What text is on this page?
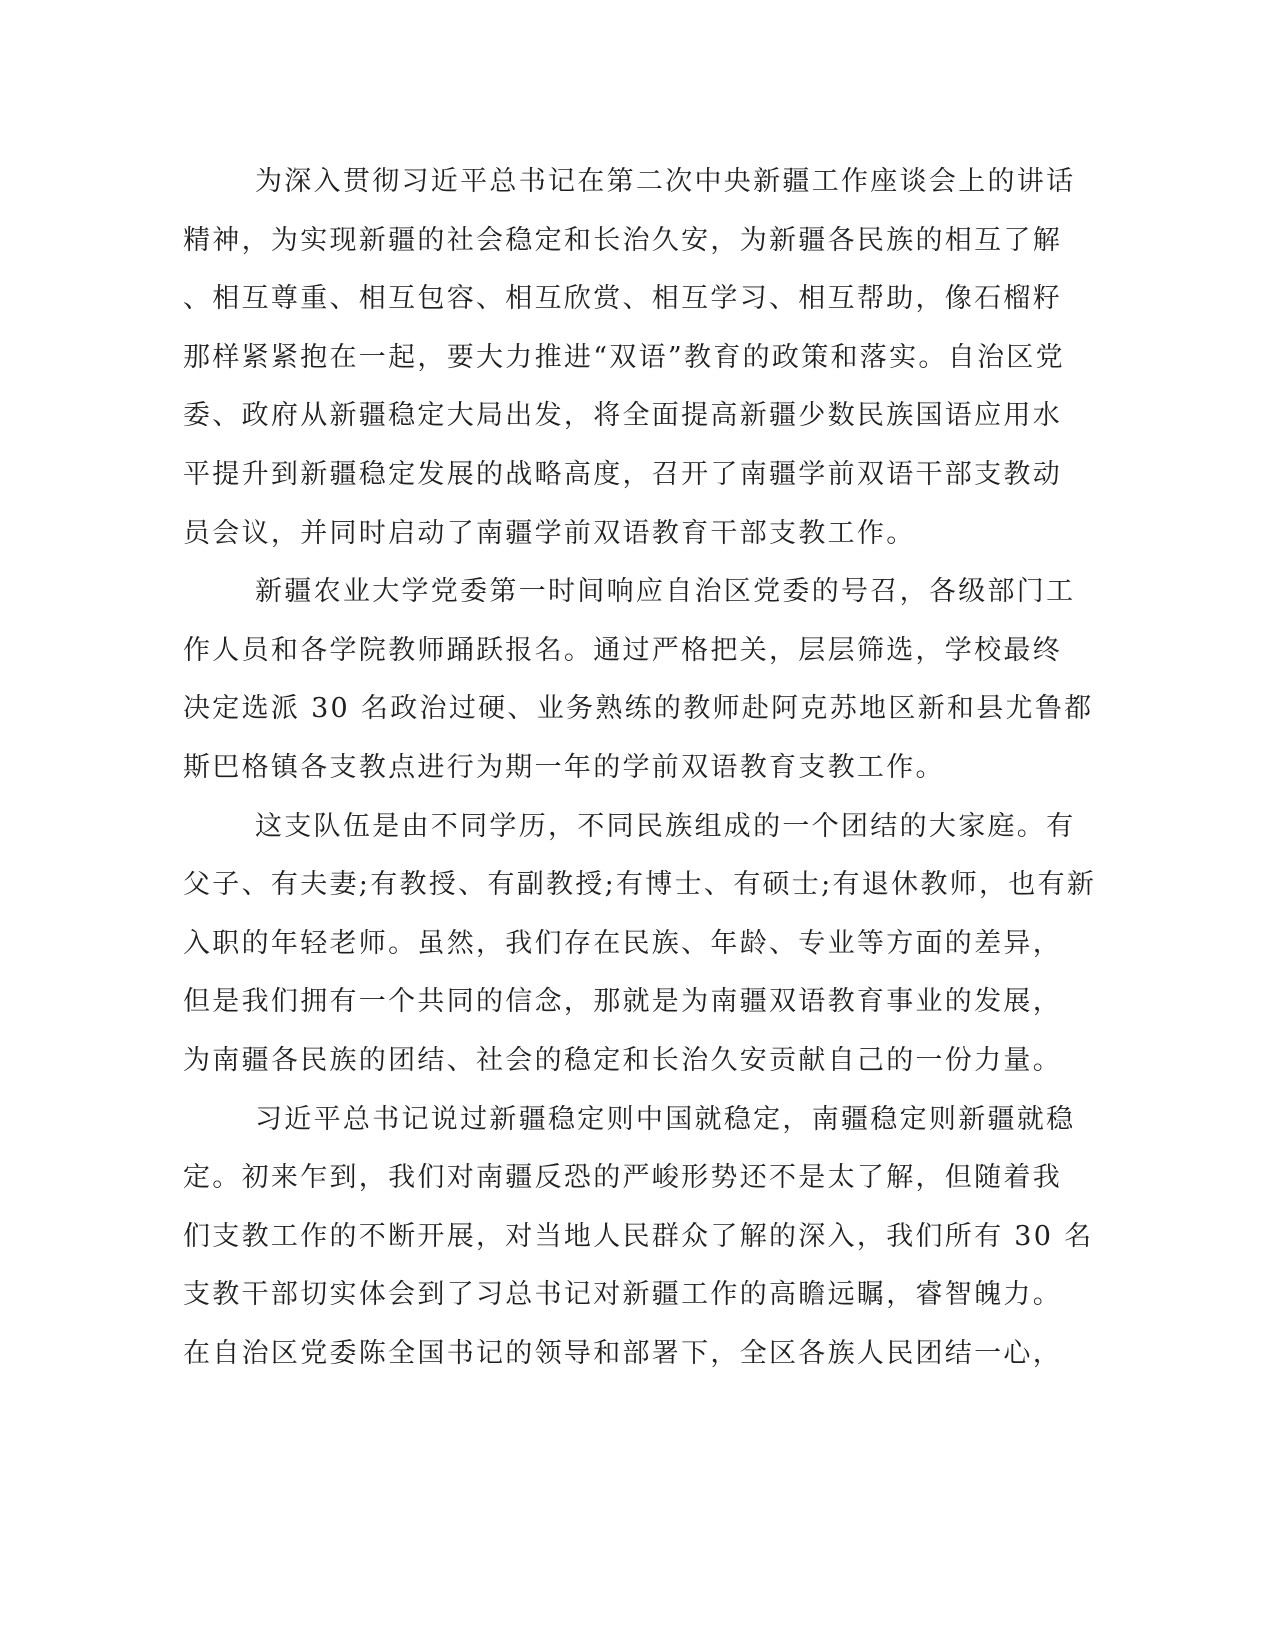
为深入贯彻习近平总书记在第二次中央新疆工作座谈会上的讲话
精神，为实现新疆的社会稳定和长治久安，为新疆各民族的相互了解
、相互尊重、相互包容、相互欣赏、相互学习、相互帮助，像石榴籽
那样紧紧抱在一起，要大力推进“双语”教育的政策和落实。自治区党
委、政府从新疆稳定大局出发，将全面提高新疆少数民族国语应用水
平提升到新疆稳定发展的战略高度，召开了南疆学前双语干部支教动
员会议，并同时启动了南疆学前双语教育干部支教工作。
新疆农业大学党委第一时间响应自治区党委的号召，各级部门工
作人员和各学院教师踊跃报名。通过严格把关，层层筛选，学校最终
决定选派 30 名政治过硬、业务熟练的教师赴阿克苏地区新和县尤鲁都
斯巴格镇各支教点进行为期一年的学前双语教育支教工作。
这支队伍是由不同学历，不同民族组成的一个团结的大家庭。有
父子、有夫妻;有教授、有副教授;有博士、有硕士;有退休教师，也有新
入职的年轻老师。虽然，我们存在民族、年龄、专业等方面的差异，
但是我们拥有一个共同的信念，那就是为南疆双语教育事业的发展，
为南疆各民族的团结、社会的稳定和长治久安贡献自己的一份力量。
习近平总书记说过新疆稳定则中国就稳定，南疆稳定则新疆就稳
定。初来乍到，我们对南疆反恐的严峻形势还不是太了解，但随着我
们支教工作的不断开展，对当地人民群众了解的深入，我们所有 30 名
支教干部切实体会到了习总书记对新疆工作的高瞻远瞩，睿智魄力。
在自治区党委陈全国书记的领导和部署下，全区各族人民团结一心，
